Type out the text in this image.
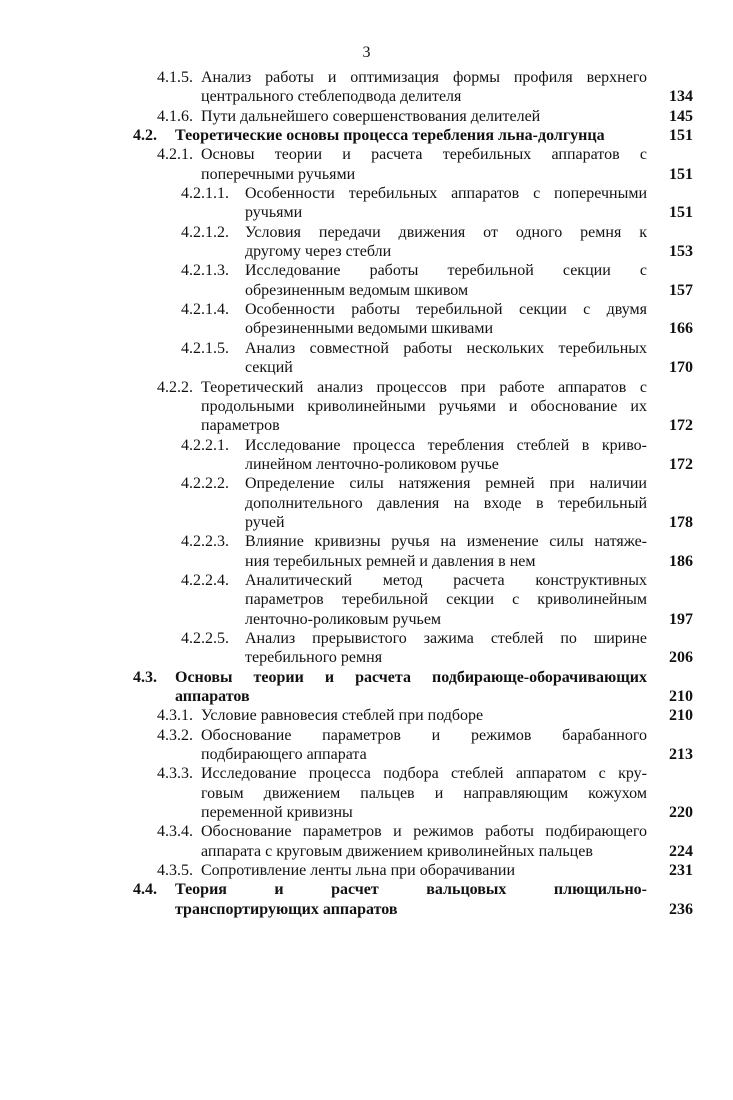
3
4.1.5. Анализ работы и оптимизация формы профиля верхнего
центрального стеблеподвода делителя	134
4.1.6. Пути дальнейшего совершенствования делителей	145
4.2. Теоретические основы процесса теребления льна-долгунца	151
4.2.1. Основы теории и расчета теребильных аппаратов с
поперечными ручьями	151
4.2.1.1. Особенности теребильных аппаратов с поперечными
ручьями	151
4.2.1.2. Условия передачи движения от одного ремня к
другому через стебли	153
4.2.1.3. Исследование работы теребильной секции с
обрезиненным ведомым шкивом	157
4.2.1.4. Особенности работы теребильной секции с двумя
обрезиненными ведомыми шкивами	166
4.2.1.5. Анализ совместной работы нескольких теребильных
секций	170
4.2.2. Теоретический анализ процессов при работе аппаратов с
продольными криволинейными ручьями и обоснование их
параметров	172
4.2.2.1. Исследование процесса теребления стеблей в криво-
линейном ленточно-роликовом ручье	172
4.2.2.2. Определение силы натяжения ремней при наличии
дополнительного давления на входе в теребильный
ручей	178
4.2.2.3. Влияние кривизны ручья на изменение силы натяже-
ния теребильных ремней и давления в нем	186
4.2.2.4. Аналитический метод расчета конструктивных
параметров теребильной секции с криволинейным
ленточно-роликовым ручьем	197
4.2.2.5. Анализ прерывистого зажима стеблей по ширине
теребильного ремня	206
4.3. Основы теории и расчета подбирающе-оборачивающих
аппаратов	210
4.3.1. Условие равновесия стеблей при подборе	210
4.3.2. Обоснование параметров и режимов барабанного
подбирающего аппарата	213
4.3.3. Исследование процесса подбора стеблей аппаратом с кру-
говым движением пальцев и направляющим кожухом
переменной кривизны	220
4.3.4. Обоснование параметров и режимов работы подбирающего
аппарата с круговым движением криволинейных пальцев	224
4.3.5. Сопротивление ленты льна при оборачивании	231
4.4. Теория и расчет вальцовых плющильно-
транспортирующих аппаратов	236
